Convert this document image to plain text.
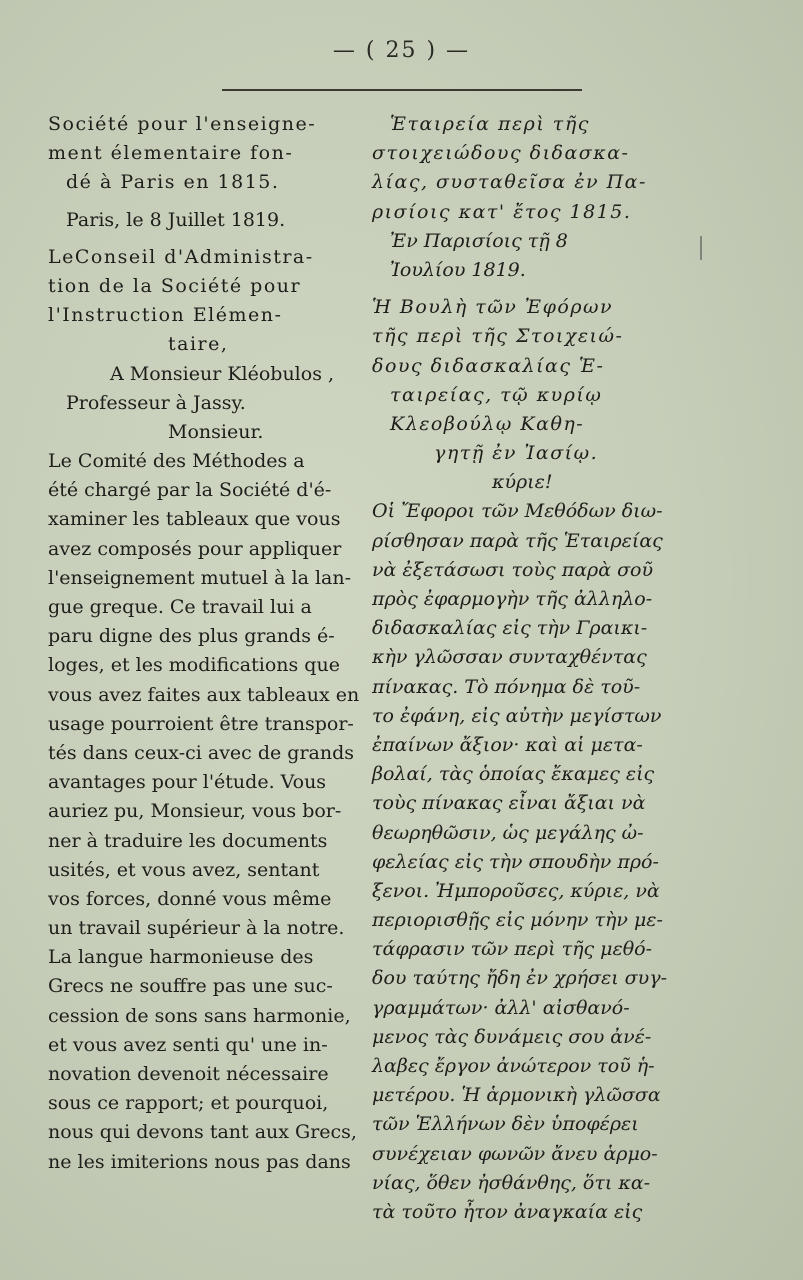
— ( 25 ) —
Société pour l'enseigne-
ment élementaire fon-
dé à Paris en 1815.
Paris, le 8 Juillet 1819.
LeConseil d'Administra-
tion de la Société pour
l'Instruction Elémen-
taire,
A Monsieur Kléobulos ,
Professeur à Jassy.
Monsieur.
Le Comité des Méthodes a
été chargé par la Société d'é-
xaminer les tableaux que vous
avez composés pour appliquer
l'enseignement mutuel à la lan-
gue greque. Ce travail lui a
paru digne des plus grands é-
loges, et les modifications que
vous avez faites aux tableaux en
usage pourroient être transpor-
tés dans ceux-ci avec de grands
avantages pour l'étude. Vous
auriez pu, Monsieur, vous bor-
ner à traduire les documents
usités, et vous avez, sentant
vos forces, donné vous même
un travail supérieur à la notre.
La langue harmonieuse des
Grecs ne souffre pas une suc-
cession de sons sans harmonie,
et vous avez senti qu' une in-
novation devenoit nécessaire
sous ce rapport; et pourquoi,
nous qui devons tant aux Grecs,
ne les imiterions nous pas dans
Ἑταιρεία περὶ τῆς
στοιχειώδους διδασκα-
λίας, συσταθεῖσα ἐν Πα-
ρισίοις κατ' ἔτος 1815.
Ἐν Παρισίοις τῇ 8
Ἰουλίου 1819.
Ἡ Βουλὴ τῶν Ἐφόρων
τῆς περὶ τῆς Στοιχειώ-
δους διδασκαλίας Ἑ-
ταιρείας, τῷ κυρίῳ
Κλεοβούλῳ Καθη-
γητῇ ἐν Ἰασίῳ.
κύριε!
Οἱ Ἔφοροι τῶν Μεθόδων διω-
ρίσθησαν παρὰ τῆς Ἑταιρείας
νὰ ἐξετάσωσι τοὺς παρὰ σοῦ
πρὸς ἐφαρμογὴν τῆς ἀλληλο-
διδασκαλίας εἰς τὴν Γραικι-
κὴν γλῶσσαν συνταχθέντας
πίνακας. Τὸ πόνημα δὲ τοῦ-
το ἐφάνη, εἰς αὐτὴν μεγίστων
ἐπαίνων ἄξιον· καὶ αἱ μετα-
βολαί, τὰς ὁποίας ἔκαμες εἰς
τοὺς πίνακας εἶναι ἄξιαι νὰ
θεωρηθῶσιν, ὡς μεγάλης ὠ-
φελείας εἰς τὴν σπουδὴν πρό-
ξενοι. Ἠμποροῦσες, κύριε, νὰ
περιορισθῇς εἰς μόνην τὴν με-
τάφρασιν τῶν περὶ τῆς μεθό-
δου ταύτης ἤδη ἐν χρήσει συγ-
γραμμάτων· ἀλλ' αἰσθανό-
μενος τὰς δυνάμεις σου ἀνέ-
λαβες ἔργον ἀνώτερον τοῦ ἡ-
μετέρου. Ἡ ἁρμονικὴ γλῶσσα
τῶν Ἑλλήνων δὲν ὑποφέρει
συνέχειαν φωνῶν ἄνευ ἁρμο-
νίας, ὅθεν ἠσθάνθης, ὅτι κα-
τὰ τοῦτο ἦτον ἀναγκαία εἰς
